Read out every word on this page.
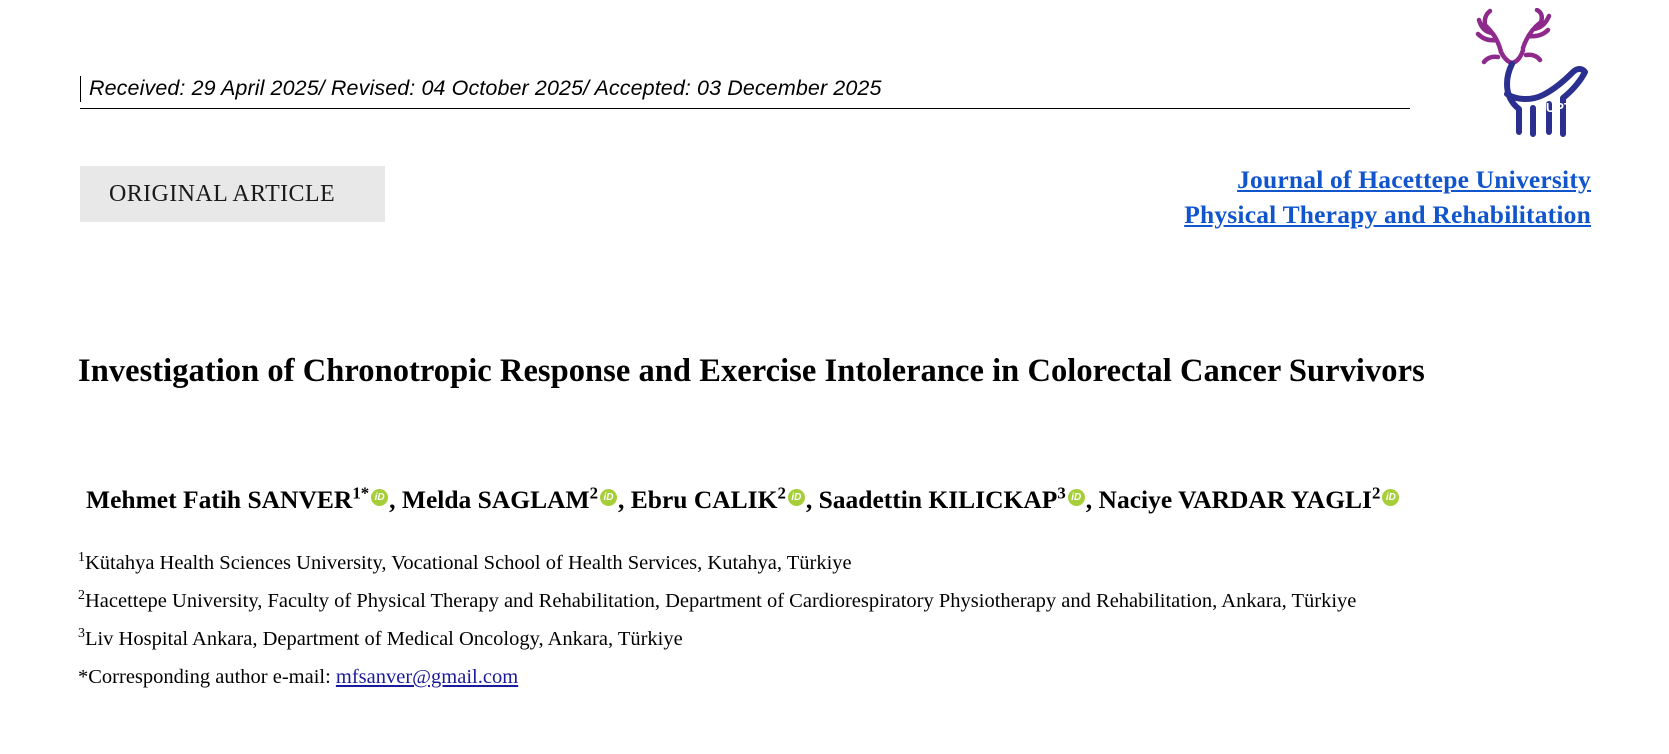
Received: 29 April 2025/ Revised: 04 October 2025/ Accepted: 03 December 2025
ORIGINAL ARTICLE
JUPTR
Journal of Hacettepe University
Physical Therapy and Rehabilitation
Investigation of Chronotropic Response and Exercise Intolerance in Colorectal Cancer Survivors
Mehmet Fatih $SANVER^{1*}$ iD , Melda SAGLAM$^2$ iD , Ebru CALIK$^2$ iD , Saadettin KILICKAP$^3$ iD , Naciye VARDAR YAGLI$^2$iD
$^1$Kütahya Health Sciences University, Vocational School of Health Services, Kutahya, Türkiye
$^2$Hacettepe University, Faculty of Physical Therapy and Rehabilitation, Department of Cardiorespiratory Physiotherapy and Rehabilitation, Ankara, Türkiye
$^3$Liv Hospital Ankara, Department of Medical Oncology, Ankara, Türkiye
*Corresponding author e-mail: mfsanver@gmail.com
